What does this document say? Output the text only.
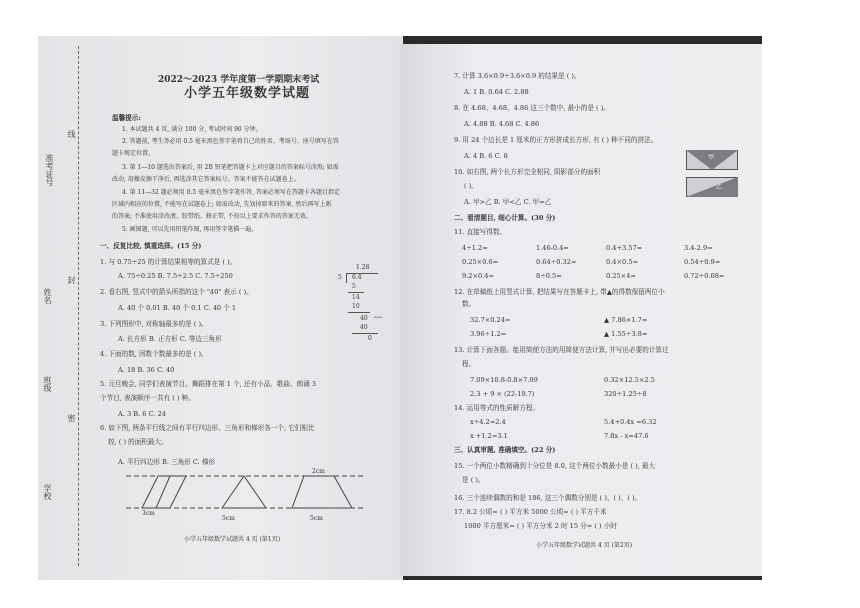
准考证号
线
封
姓名
班级
密
学校
2022～2023 学年度第一学期期末考试
小学五年级数学试题
温馨提示:
1. 本试题共 4 页, 满分 100 分, 考试时间 90 分钟。
2. 答题前, 考生务必用 0.5 毫米黑色签字笔将自己的姓名、考场号、座号填写在答
题卡规定位置。
3. 第 1—10 题选出答案后, 用 2B 铅笔把答题卡上对应题目的答案标号涂黑; 如需
改动, 用橡皮擦干净后, 再选涂其它答案标号。答案不能答在试题卷上。
4. 第 11—32 题必须用 0.5 毫米黑色签字笔作答, 答案必须写在答题卡各题目指定
区域内相应的位置, 不能写在试题卷上; 如需改动, 先划掉原来的答案, 然后再写上新
的答案; 不准使用涂改液、胶带纸、修正带, 不按以上要求作答的答案无效。
5. 画图题, 可以先用铅笔作图, 再用签字笔描一遍。
一、反复比较, 慎重选择。(15 分)
1. 与 0.75÷25 的计算结果相等的算式是 ( )。
A. 75÷0.25 B. 7.5÷2.5 C. 7.5÷250
2. 看右图, 竖式中的箭头所指的这个 "40" 表示 ( )。
A. 40 个 0.01 B. 40 个 0.1 C. 40 个 1
3. 下列图形中, 对称轴最多的是 ( )。
A. 长方形 B. 正方形 C. 等边三角形
4. 下面的数, 因数个数最多的是 ( )。
A. 18 B. 36 C. 40
5. 元旦晚会, 同学们表演节目。舞蹈排在第 1 个, 还有小品、歌曲、朗诵 3
个节目, 表演顺序一共有 ( ) 种。
A. 3 B. 6 C. 24
6. 如下图, 两条平行线之间有平行四边形、三角形和梯形各一个, 它们相比
较, ( ) 的面积最大。
A. 平行四边形 B. 三角形 C. 梯形
1.28
5 6.4
5
14
10
40 ⟵
40
0
2cm
3cm
5cm	5cm
小学五年级数学试题共 4 页 (第1页)
7. 计算 3.6×0.9÷3.6×0.9 的结果是 ( )。
A. 1 B. 0.64 C. 2.88
8. 在 4.68、4.68、4.86 这三个数中, 最小的是 ( )。
A. 4.88 B. 4.68 C. 4.86
9. 用 24 个边长是 1 厘米的正方形拼成长方形, 有 ( ) 种不同的拼法。
A. 4 B. 6 C. 8
10. 如右图, 两个长方形完全相同, 阴影部分的面积
( )。
A. 甲>乙 B. 甲<乙 C. 甲=乙
甲
乙
二、看清题目, 细心计算。(30 分)
11. 直接写得数。
4÷1.2=	1.46-0.4=	0.4+3.57=	3.4-2.9=
0.25×0.6=	0.64÷0.32=	0.4×0.5=	0.54÷0.9=
9.2×0.4=	8÷0.5=	0.25×4=	0.72÷0.08=
12. 在草稿纸上用竖式计算, 把结果写在答题卡上, 带▲的得数保留两位小
数。
32.7×0.24=	▲ 7.86×1.7≈
3.96÷1.2=	▲ 1.55÷3.8≈
13. 计算下面各题。能用简便方法的用简便方法计算, 并写出必要的计算过
程。
7.09×10.8-0.8×7.09	0.32×12.5×2.5
2.3 + 9 × (22-19.7)	320÷1.25÷8
14. 运用等式的性质解方程。
x÷4.2=2.4	5.4+0.4x =6.32
x +1.2=3.1	7.8x - x=47.6
三、认真审题, 准确填空。(22 分)
15. 一个两位小数精确到十分位是 8.0, 这个两位小数最小是 ( ), 最大
是 ( )。
16. 三个连续偶数的和是 186, 这三个偶数分别是 ( )、( )、( )。
17. 8.2 公顷= ( ) 平方米 5000 公顷= ( ) 平方千米
1000 平方厘米= ( ) 平方分米 2 时 15 分= ( ) 小时
小学五年级数学试题共 4 页 (第2页)
